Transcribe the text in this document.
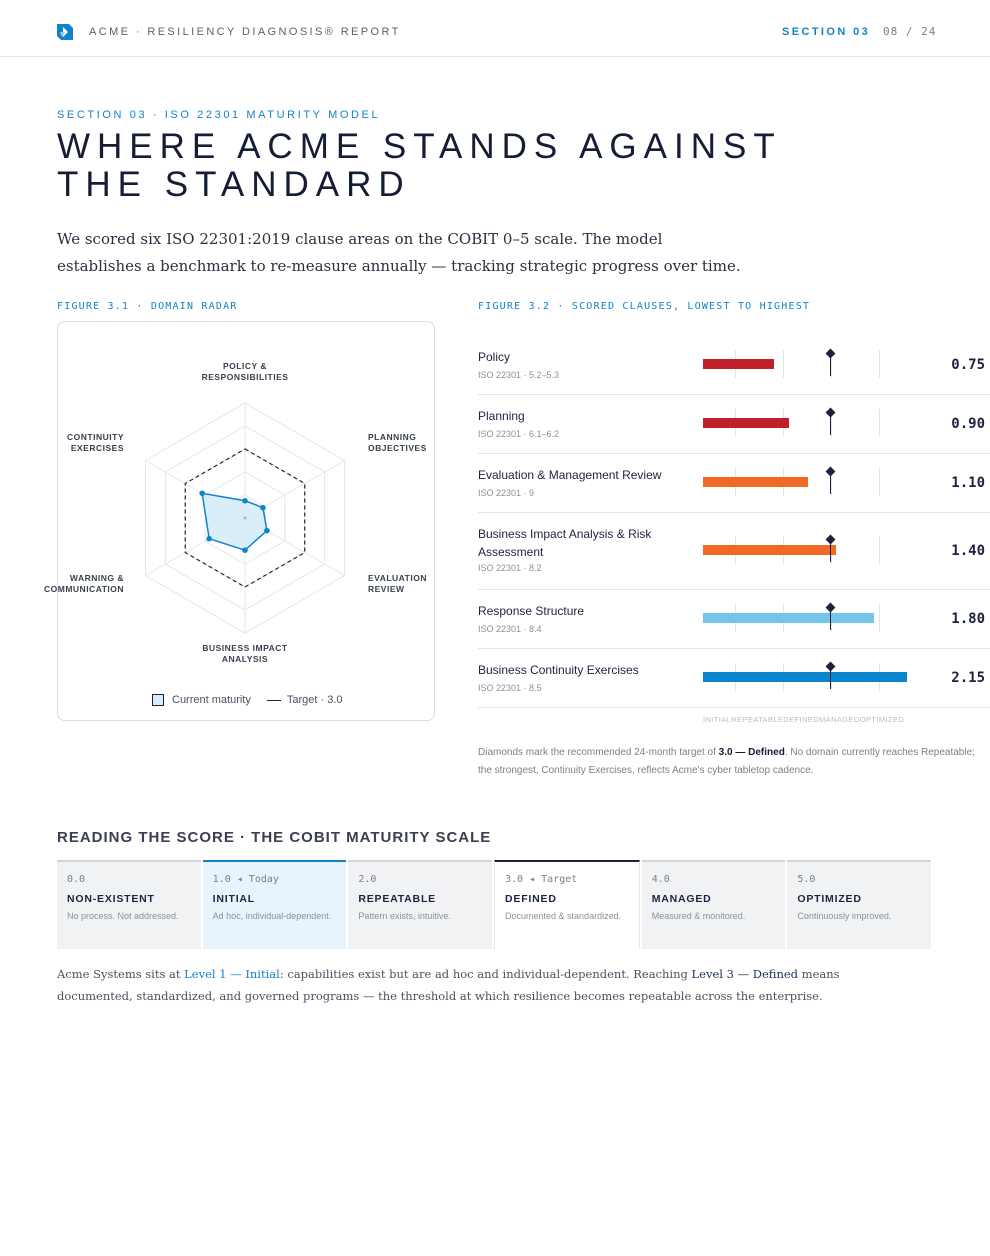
ACME · RESILIENCY DIAGNOSIS® REPORT	SECTION 03 08 / 24
SECTION 03 · ISO 22301 MATURITY MODEL
WHERE ACME STANDS AGAINST THE STANDARD

We scored six ISO 22301:2019 clause areas on the COBIT 0–5 scale. The model establishes a benchmark to re-measure annually — tracking strategic progress over time.

FIGURE 3.1 · DOMAIN RADAR	FIGURE 3.2 · SCORED CLAUSES, LOWEST TO HIGHEST
POLICY &
RESPONSIBILITIES
PLANNING
OBJECTIVES
EVALUATION
REVIEW
BUSINESS IMPACT
ANALYSIS
WARNING &
COMMUNICATION
CONTINUITY
EXERCISES
Current maturity	Target · 3.0
Policy
ISO 22301 · 5.2–5.3
0.75
Planning
ISO 22301 · 6.1–6.2
0.90
Evaluation & Management Review
ISO 22301 · 9
1.10
Business Impact Analysis & Risk Assessment
ISO 22301 · 8.2
1.40
Response Structure
ISO 22301 · 8.4
1.80
Business Continuity Exercises
ISO 22301 · 8.5
2.15
INITIALREPEATABLEDEFINEDMANAGEDOPTIMIZED

Diamonds mark the recommended 24-month target of 3.0 — Defined. No domain currently reaches Repeatable; the strongest, Continuity Exercises, reflects Acme's cyber tabletop cadence.

READING THE SCORE · THE COBIT MATURITY SCALE
0.0
NON-EXISTENT
No process. Not addressed.
1.0 ◂ Today
INITIAL
Ad hoc, individual-dependent.
2.0
REPEATABLE
Pattern exists, intuitive.
3.0 ◂ Target
DEFINED
Documented & standardized.
4.0
MANAGED
Measured & monitored.
5.0
OPTIMIZED
Continuously improved.

Acme Systems sits at Level 1 — Initial: capabilities exist but are ad hoc and individual-dependent. Reaching Level 3 — Defined means documented, standardized, and governed programs — the threshold at which resilience becomes repeatable across the enterprise.
